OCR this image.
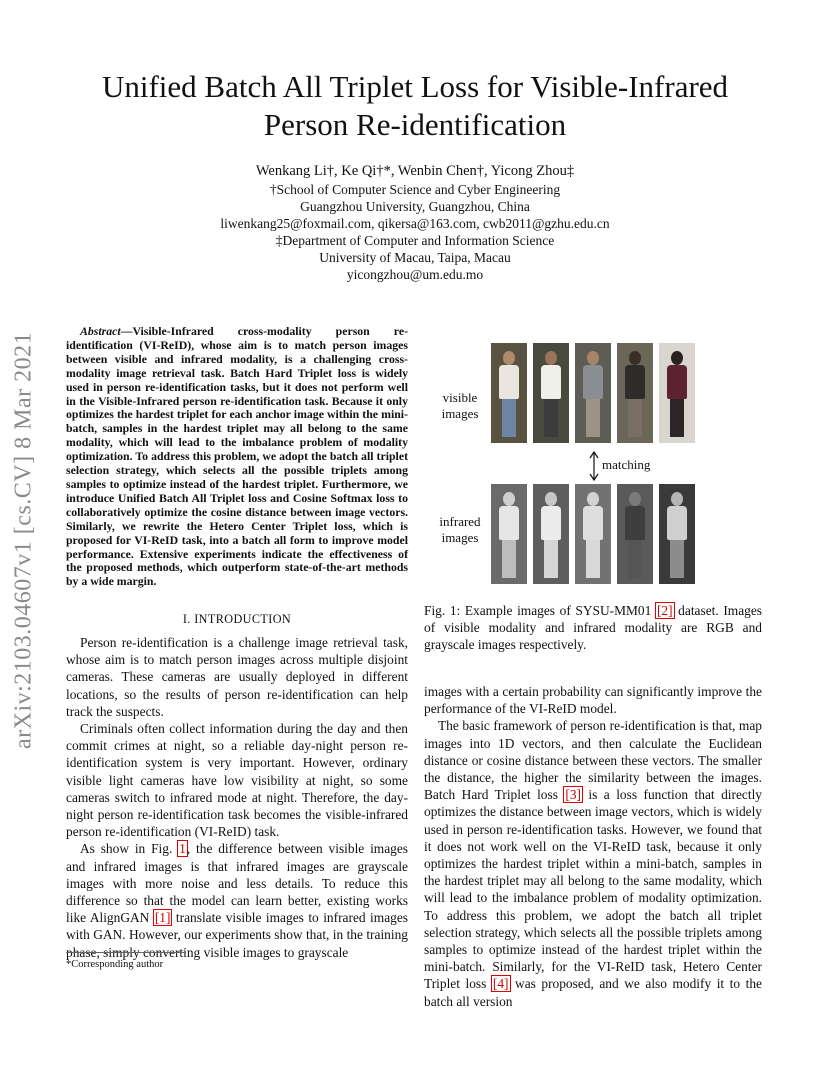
arXiv:2103.04607v1 [cs.CV] 8 Mar 2021
Unified Batch All Triplet Loss for Visible-Infrared Person Re-identification
Wenkang Li†, Ke Qi†*, Wenbin Chen†, Yicong Zhou‡
†School of Computer Science and Cyber Engineering
Guangzhou University, Guangzhou, China
liwenkang25@foxmail.com, qikersa@163.com, cwb2011@gzhu.edu.cn
‡Department of Computer and Information Science
University of Macau, Taipa, Macau
yicongzhou@um.edu.mo

Abstract—Visible-Infrared cross-modality person re-identification (VI-ReID), whose aim is to match person images between visible and infrared modality, is a challenging cross-modality image retrieval task. Batch Hard Triplet loss is widely used in person re-identification tasks, but it does not perform well in the Visible-Infrared person re-identification task. Because it only optimizes the hardest triplet for each anchor image within the mini-batch, samples in the hardest triplet may all belong to the same modality, which will lead to the imbalance problem of modality optimization. To address this problem, we adopt the batch all triplet selection strategy, which selects all the possible triplets among samples to optimize instead of the hardest triplet. Furthermore, we introduce Unified Batch All Triplet loss and Cosine Softmax loss to collaboratively optimize the cosine distance between image vectors. Similarly, we rewrite the Hetero Center Triplet loss, which is proposed for VI-ReID task, into a batch all form to improve model performance. Extensive experiments indicate the effectiveness of the proposed methods, which outperform state-of-the-art methods by a wide margin.

I. INTRODUCTION

Person re-identification is a challenge image retrieval task, whose aim is to match person images across multiple disjoint cameras. These cameras are usually deployed in different locations, so the results of person re-identification can help track the suspects.

Criminals often collect information during the day and then commit crimes at night, so a reliable day-night person re-identification system is very important. However, ordinary visible light cameras have low visibility at night, so some cameras switch to infrared mode at night. Therefore, the day-night person re-identification task becomes the visible-infrared person re-identification (VI-ReID) task.

As show in Fig. 1, the difference between visible images and infrared images is that infrared images are grayscale images with more noise and less details. To reduce this difference so that the model can learn better, existing works like AlignGAN [1] translate visible images to infrared images with GAN. However, our experiments show that, in the training phase, simply converting visible images to grayscale

*Corresponding author
visible
images
matching
infrared
images
Fig. 1: Example images of SYSU-MM01 [2] dataset. Images of visible modality and infrared modality are RGB and grayscale images respectively.

images with a certain probability can significantly improve the performance of the VI-ReID model.

The basic framework of person re-identification is that, map images into 1D vectors, and then calculate the Euclidean distance or cosine distance between these vectors. The smaller the distance, the higher the similarity between the images. Batch Hard Triplet loss [3] is a loss function that directly optimizes the distance between image vectors, which is widely used in person re-identification tasks. However, we found that it does not work well on the VI-ReID task, because it only optimizes the hardest triplet within a mini-batch, samples in the hardest triplet may all belong to the same modality, which will lead to the imbalance problem of modality optimization. To address this problem, we adopt the batch all triplet selection strategy, which selects all the possible triplets among samples to optimize instead of the hardest triplet within the mini-batch. Similarly, for the VI-ReID task, Hetero Center Triplet loss [4] was proposed, and we also modify it to the batch all version
